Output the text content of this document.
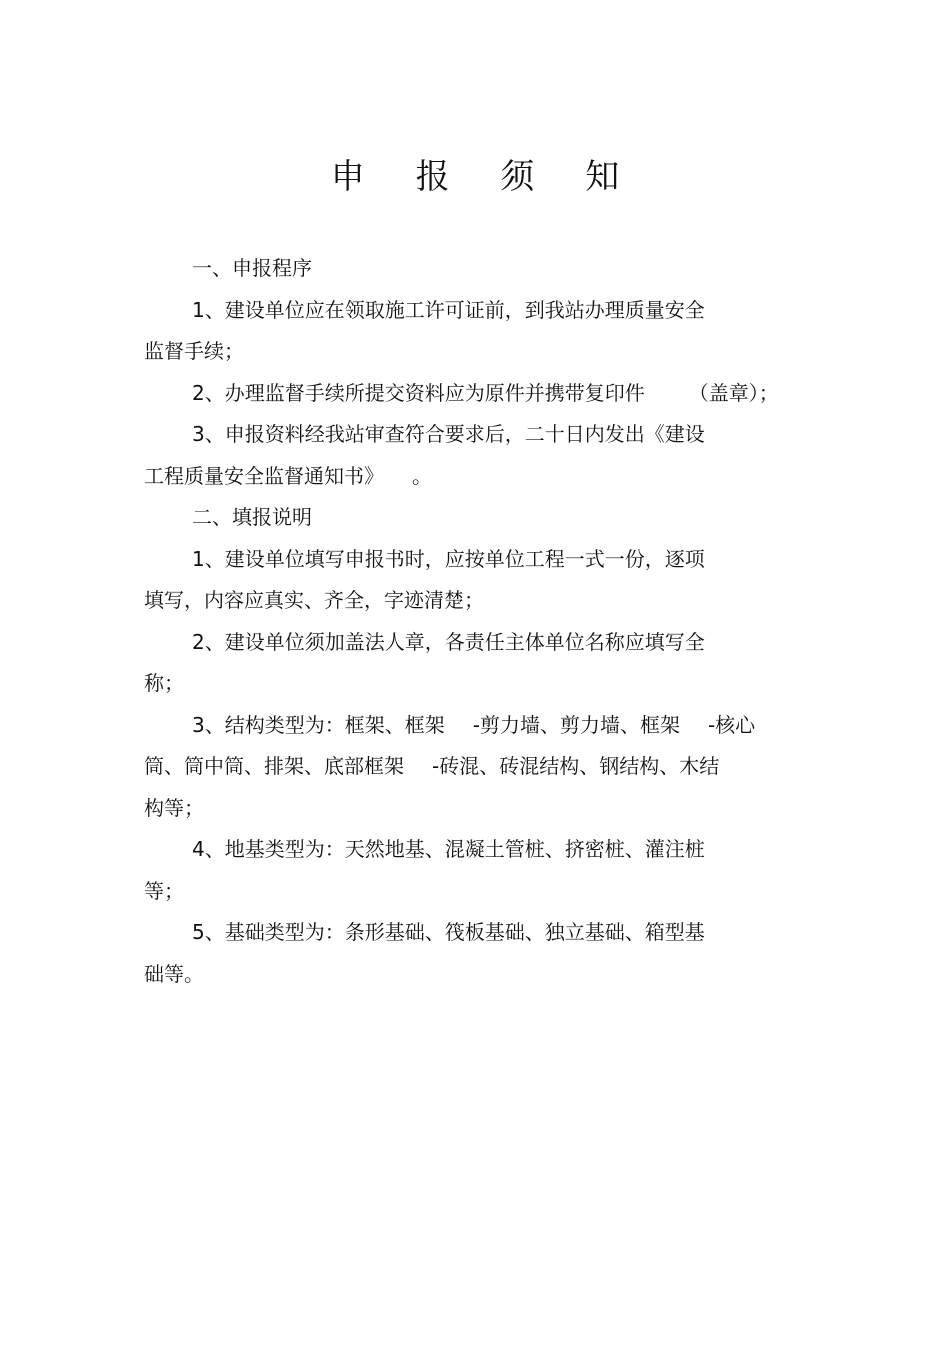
申 报 须 知

一、申报程序

1、建设单位应在领取施工许可证前，到我站办理质量安全
监督手续；

2、办理监督手续所提交资料应为原件并携带复印件 （盖章）；

3、申报资料经我站审查符合要求后，二十日内发出《建设
工程质量安全监督通知书》 。

二、填报说明

1、建设单位填写申报书时，应按单位工程一式一份，逐项
填写，内容应真实、齐全，字迹清楚；

2、建设单位须加盖法人章，各责任主体单位名称应填写全
称；

3、结构类型为：框架、框架 -剪力墙、剪力墙、框架 -核心
筒、筒中筒、排架、底部框架 -砖混、砖混结构、钢结构、木结
构等；

4、地基类型为：天然地基、混凝土管桩、挤密桩、灌注桩
等；

5、基础类型为：条形基础、筏板基础、独立基础、箱型基
础等。
